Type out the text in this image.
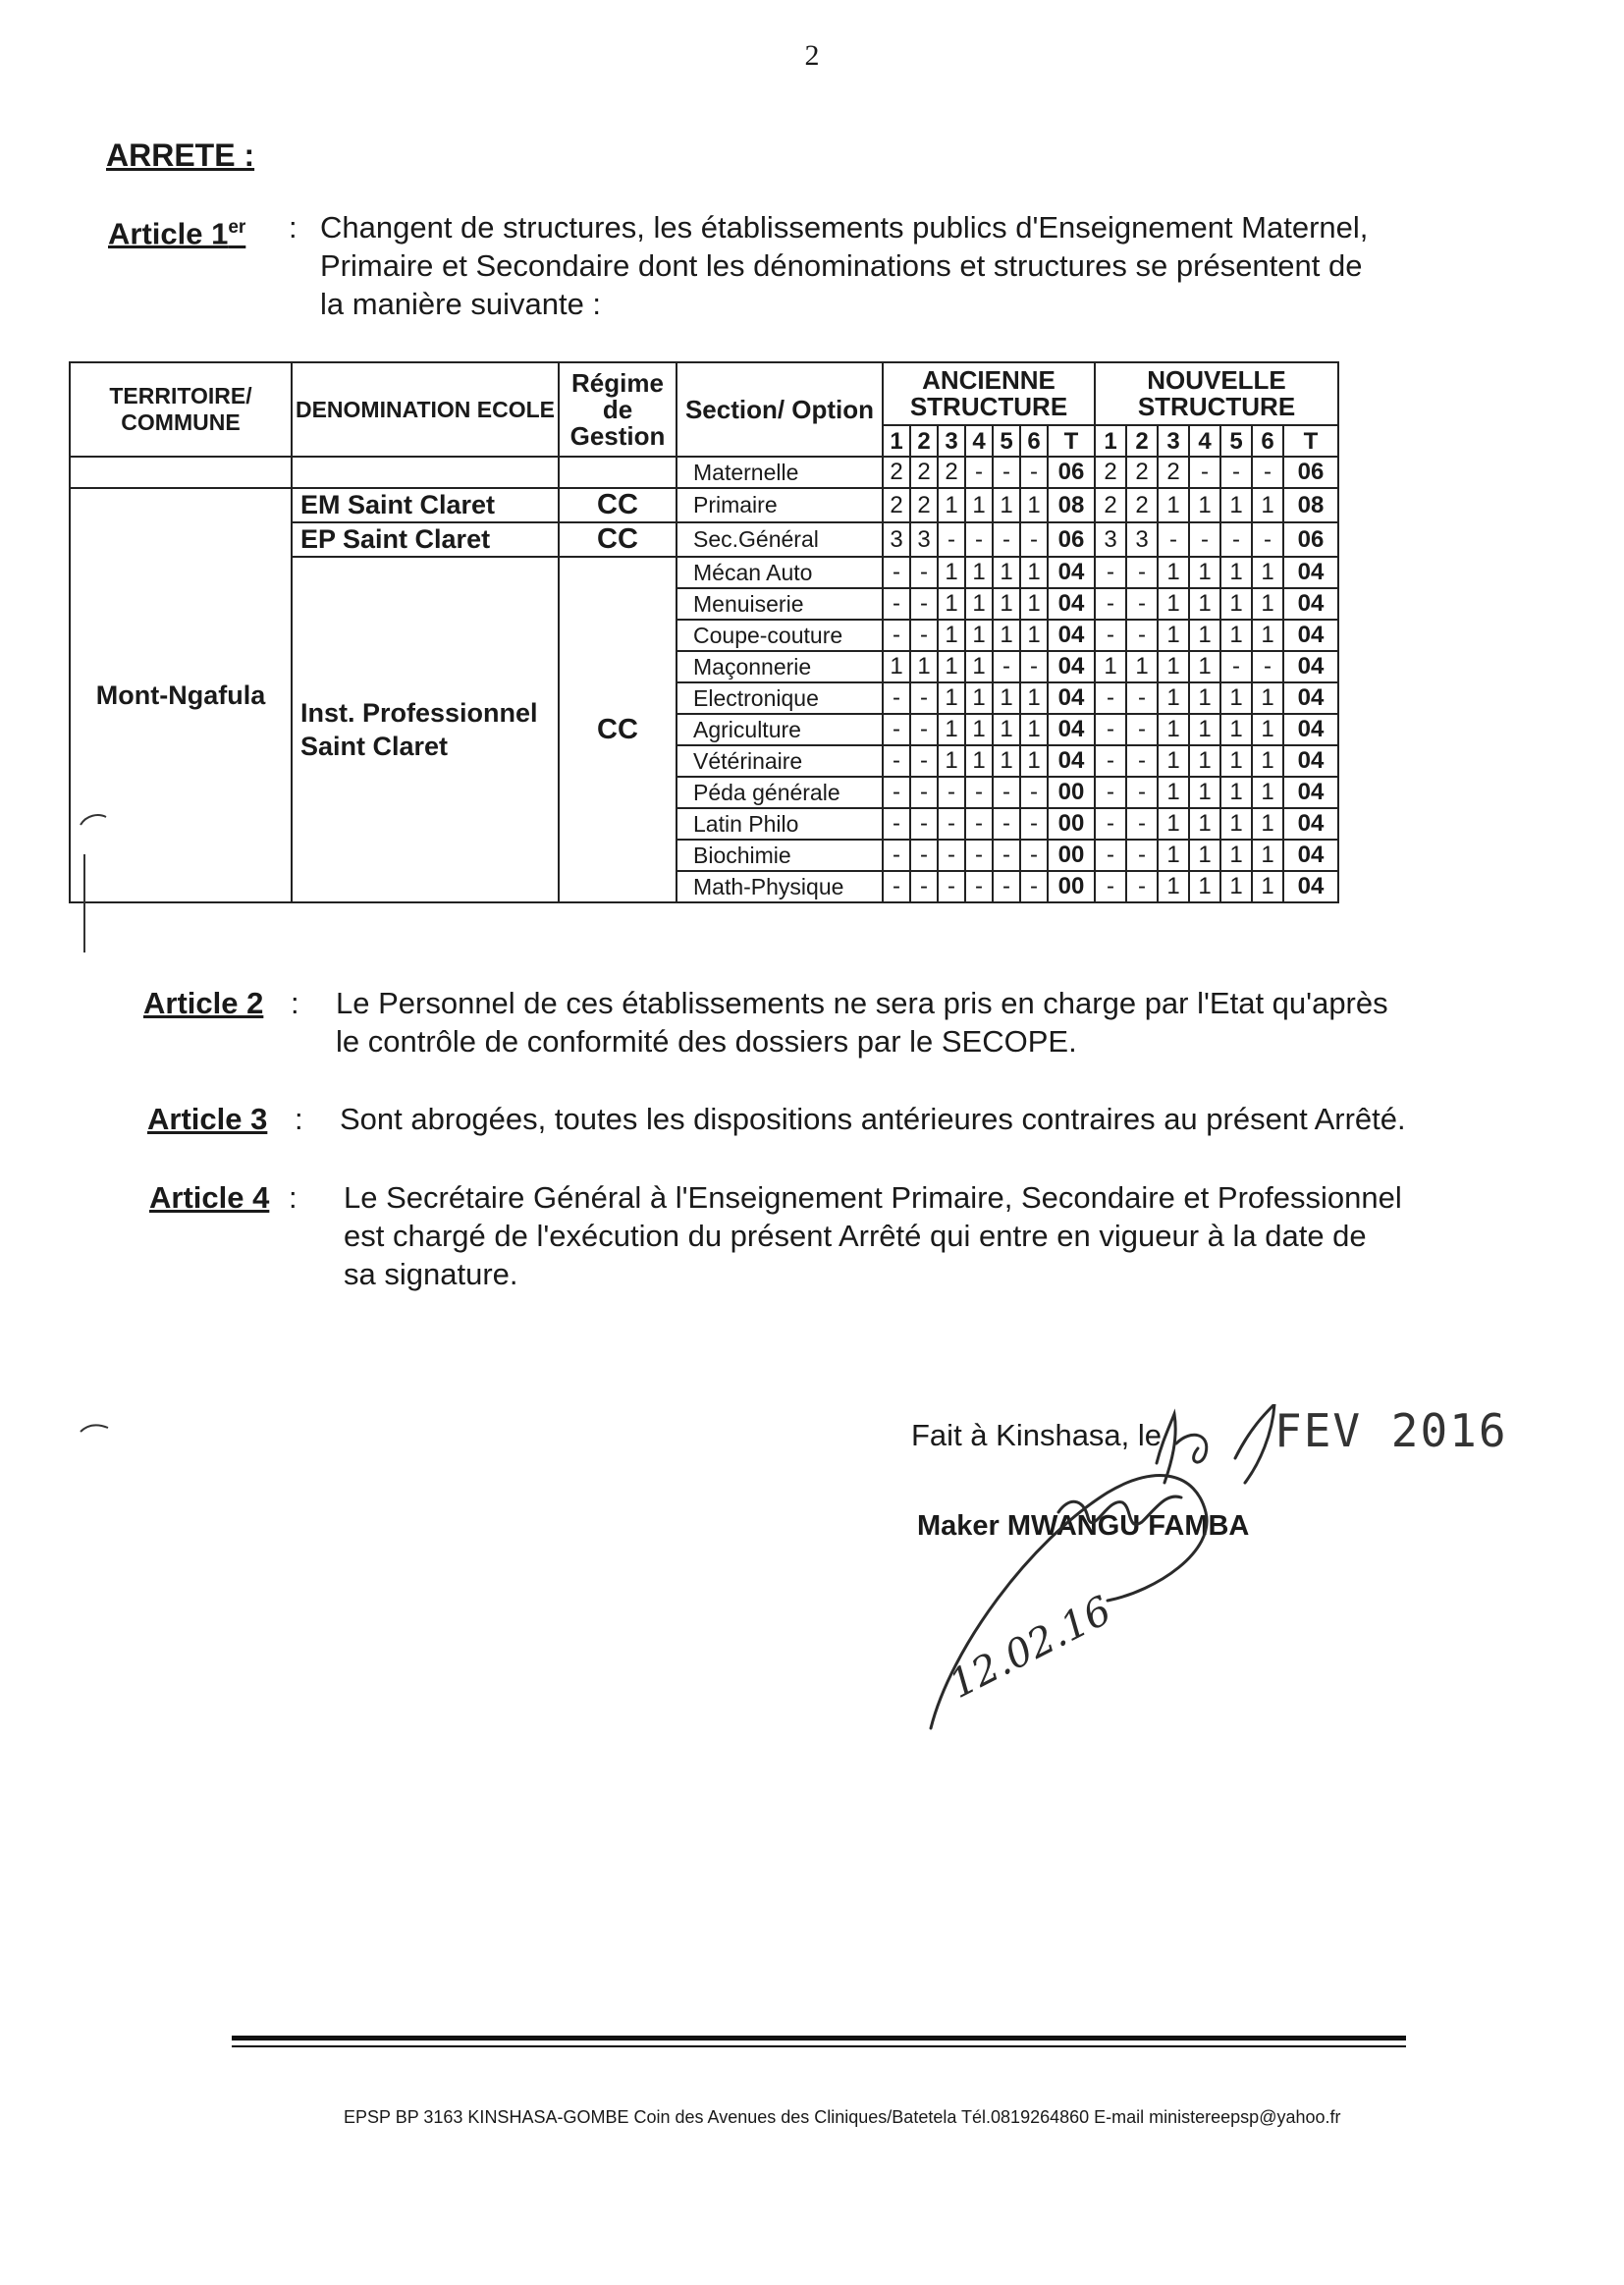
2
ARRETE :
Article 1er : Changent de structures, les établissements publics d'Enseignement Maternel,

Primaire et Secondaire dont les dénominations et structures se présentent de

la manière suivante :

TERRITOIRE/ COMMUNE	DENOMINATION ECOLE	Régime de Gestion	Section/ Option	ANCIENNE STRUCTURE							NOUVELLE STRUCTURE						
				1	2	3	4	5	6	T	1	2	3	4	5	6	T
			Maternelle	2	2	2	-	-	-	06	2	2	2	-	-	-	06
Mont-Ngafula	EM Saint Claret	CC	Primaire	2	2	1	1	1	1	08	2	2	1	1	1	1	08
	EP Saint Claret	CC	Sec.Général	3	3	-	-	-	-	06	3	3	-	-	-	-	06
	Inst. Professionnel Saint Claret	CC	Mécan Auto	-	-	1	1	1	1	04	-	-	1	1	1	1	04
			Menuiserie	-	-	1	1	1	1	04	-	-	1	1	1	1	04
			Coupe-couture	-	-	1	1	1	1	04	-	-	1	1	1	1	04
			Maçonnerie	1	1	1	1	-	-	04	1	1	1	1	-	-	04
			Electronique	-	-	1	1	1	1	04	-	-	1	1	1	1	04
			Agriculture	-	-	1	1	1	1	04	-	-	1	1	1	1	04
			Vétérinaire	-	-	1	1	1	1	04	-	-	1	1	1	1	04
			Péda générale	-	-	-	-	-	-	00	-	-	1	1	1	1	04
			Latin Philo	-	-	-	-	-	-	00	-	-	1	1	1	1	04
			Biochimie	-	-	-	-	-	-	00	-	-	1	1	1	1	04
			Math-Physique	-	-	-	-	-	-	00	-	-	1	1	1	1	04
Article 2 : Le Personnel de ces établissements ne sera pris en charge par l'Etat qu'après

le contrôle de conformité des dossiers par le SECOPE.

Article 3 : Sont abrogées, toutes les dispositions antérieures contraires au présent Arrêté.

Article 4 : Le Secrétaire Général à l'Enseignement Primaire, Secondaire et Professionnel

est chargé de l'exécution du présent Arrêté qui entre en vigueur à la date de

sa signature.

Fait à Kinshasa, le FEV 2016
Maker MWANGU FAMBA
12.02.16
EPSP BP 3163 KINSHASA-GOMBE Coin des Avenues des Cliniques/Batetela Tél.0819264860 E-mail ministereepsp@yahoo.fr
